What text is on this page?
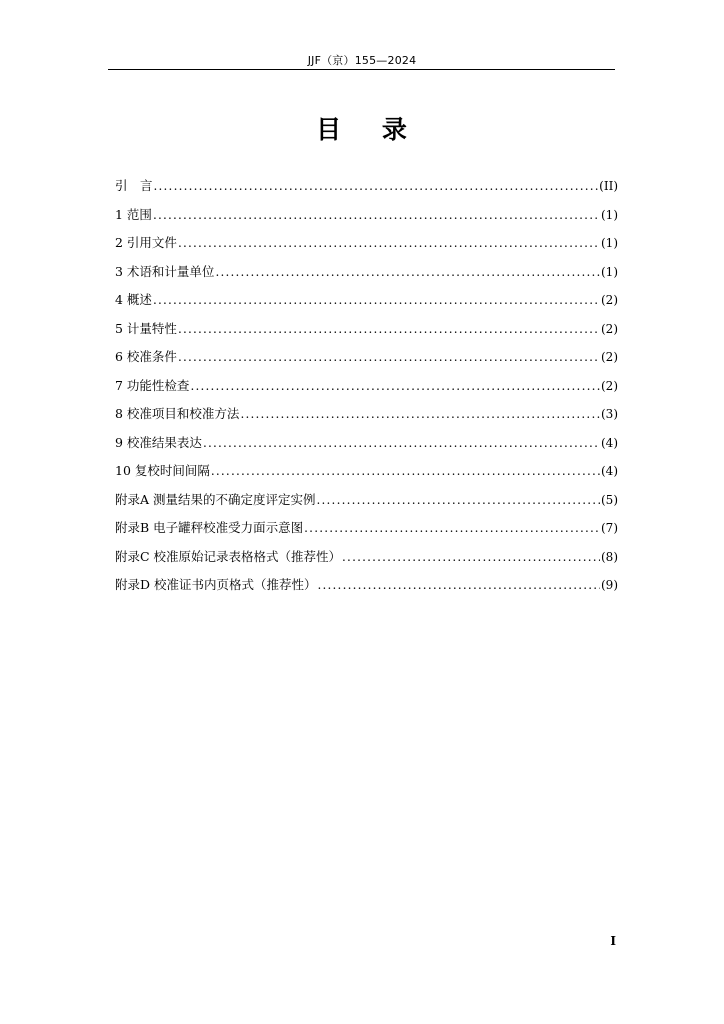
JJF（京）155—2024
目 录
引　言 .....	(II)
1 范围 .....	(1)
2 引用文件 .....	(1)
3 术语和计量单位 .....	(1)
4 概述 .....	(2)
5 计量特性 .....	(2)
6 校准条件 .....	(2)
7 功能性检查 .....	(2)
8 校准项目和校准方法 .....	(3)
9 校准结果表达 .....	(4)
10 复校时间间隔 .....	(4)
附录A 测量结果的不确定度评定实例 .....	(5)
附录B 电子罐秤校准受力面示意图 .....	(7)
附录C 校准原始记录表格格式（推荐性） .....	(8)
附录D 校准证书内页格式（推荐性） .....	(9)
I
